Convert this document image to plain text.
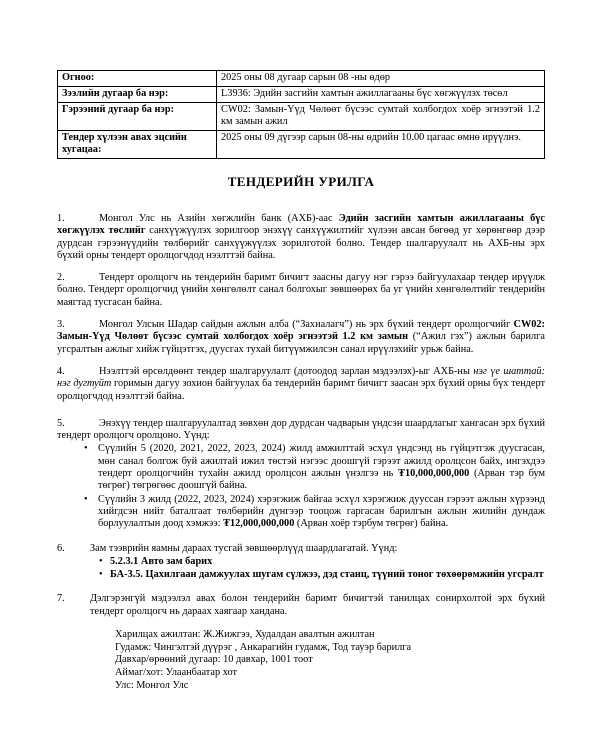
Огноо:	2025 оны 08 дугаар сарын 08 -ны өдөр
Зээлийн дугаар ба нэр:	L3936: Эдийн засгийн хамтын ажиллагааны бүс хөгжүүлэх төсөл
Гэрээний дугаар ба нэр:	CW02: Замын-Үүд Чөлөөт бүсээс сумтай холбогдох хоёр эгнээтэй 1.2 км замын ажил
Тендер хүлээн авах эцсийн хугацаа:	2025 оны 09 дүгээр сарын 08-ны өдрийн 10.00 цагаас өмнө ирүүлнэ.
ТЕНДЕРИЙН УРИЛГА
1.	Монгол Улс нь Азийн хөгжлийн банк (АХБ)-аас Эдийн засгийн хамтын ажиллагааны бүс хөгжүүлэх төслийг санхүүжүүлэх зорилгоор энэхүү санхүүжилтийг хүлээн авсан бөгөөд уг хөрөнгөөр дээр дурдсан гэрээнүүдийн төлбөрийг санхүүжүүлэх зорилготой болно. Тендер шалгаруулалт нь АХБ-ны эрх бүхий орны тендерт оролцогчдод нээлттэй байна.
2.	Тендерт оролцогч нь тендерийн баримт бичигт заасны дагуу нэг гэрээ байгуулахаар тендер ирүүлж болно. Тендерт оролцогчид үнийн хөнгөлөлт санал болгохыг зөвшөөрөх ба уг үнийн хөнгөлөлтийг тендерийн маягтад тусгасан байна.
3.	Монгол Улсын Шадар сайдын ажлын алба (“Захиалагч”) нь эрх бүхий тендерт оролцогчийг CW02: Замын-Үүд Чөлөөт бүсээс сумтай холбогдох хоёр эгнээтэй 1.2 км замын (“Ажил гэх”) ажлын барилга угсралтын ажлыг хийж гүйцэтгэх, дуусгах тухай битүүмжилсэн санал ирүүлэхийг урьж байна.
4.	Нээлттэй өрсөлдөөнт тендер шалгаруулалт (дотоодод зарлан мэдээлэх)-ыг АХБ-ны нэг үе шаттай: нэг дугтуйт горимын дагуу зохион байгуулах ба тендерийн баримт бичигт заасан эрх бүхий орны бүх тендерт оролцогчдод нээлттэй байна.
5.	Энэхүү тендер шалгаруулалтад зөвхөн дор дурдсан чадварын үндсэн шаардлагыг хангасан эрх бүхий тендерт оролцогч оролцоно. Үүнд:
• Сүүлийн 5 (2020, 2021, 2022, 2023, 2024) жилд амжилттай эсхүл үндсэнд нь гүйцэтгэж дуусгасан, мөн санал болгож буй ажилтай ижил төстэй нэгээс доошгүй гэрээт ажилд оролцсон байх, ингэхдээ тендерт оролцогчийн тухайн ажилд оролцсон ажлын үнэлгээ нь ₮10,000,000,000 (Арван тэр бум төгрөг) төгрөгөөс доошгүй байна.
• Сүүлийн 3 жилд (2022, 2023, 2024) хэрэгжиж байгаа эсхүл хэрэгжиж дууссан гэрээт ажлын хүрээнд хийгдсэн нийт баталгаат төлбөрийн дүнгээр тооцож гаргасан барилгын ажлын жилийн дундаж борлуулалтын доод хэмжээ: ₮12,000,000,000 (Арван хоёр тэрбум төгрөг) байна.
6.	Зам тээврийн яамны дараах тусгай зөвшөөрлүүд шаардлагатай. Үүнд:
• 5.2.3.1 Авто зам барих
• БА-3.5. Цахилгаан дамжуулах шугам сүлжээ, дэд станц, түүний тоног төхөөрөмжийн угсралт
7.	Дэлгэрэнгүй мэдээлэл авах болон тендерийн баримт бичигтэй танилцах сонирхолтой эрх бүхий тендерт оролцогч нь дараах хаягаар хандана.
Харилцах ажилтан: Ж.Жижгээ, Худалдан авалтын ажилтан
Гудамж: Чингэлтэй дүүрэг , Анкарагийн гудамж, Тод тауэр барилга
Давхар/өрөөний дугаар: 10 давхар, 1001 тоот
Аймаг/хот: Улаанбаатар хот
Улс: Монгол Улс
